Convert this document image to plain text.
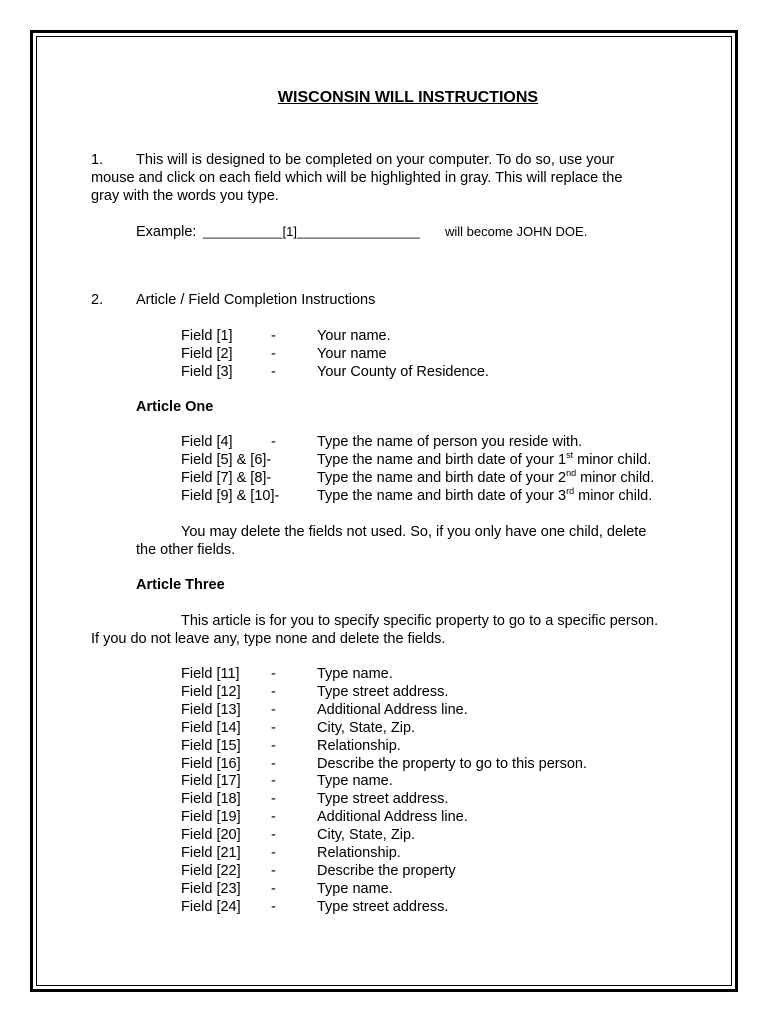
WISCONSIN WILL INSTRUCTIONS
1. This will is designed to be completed on your computer. To do so, use your
mouse and click on each field which will be highlighted in gray. This will replace the
gray with the words you type.
Example: ___________[1]_________________ will become JOHN DOE.
2. Article / Field Completion Instructions
Field [1]	-	Your name.
Field [2]	-	Your name
Field [3]	-	Your County of Residence.
Article One
Field [4]	-	Type the name of person you reside with.
Field [5] & [6]-	Type the name and birth date of your 1st minor child.
Field [7] & [8]-	Type the name and birth date of your 2nd minor child.
Field [9] & [10]-	Type the name and birth date of your 3rd minor child.
You may delete the fields not used. So, if you only have one child, delete
the other fields.
Article Three
This article is for you to specify specific property to go to a specific person.
If you do not leave any, type none and delete the fields.
Field [11] -	Type name.
Field [12] -	Type street address.
Field [13] -	Additional Address line.
Field [14] -	City, State, Zip.
Field [15] -	Relationship.
Field [16] -	Describe the property to go to this person.
Field [17] -	Type name.
Field [18] -	Type street address.
Field [19] -	Additional Address line.
Field [20] -	City, State, Zip.
Field [21] -	Relationship.
Field [22] -	Describe the property
Field [23] -	Type name.
Field [24] -	Type street address.
